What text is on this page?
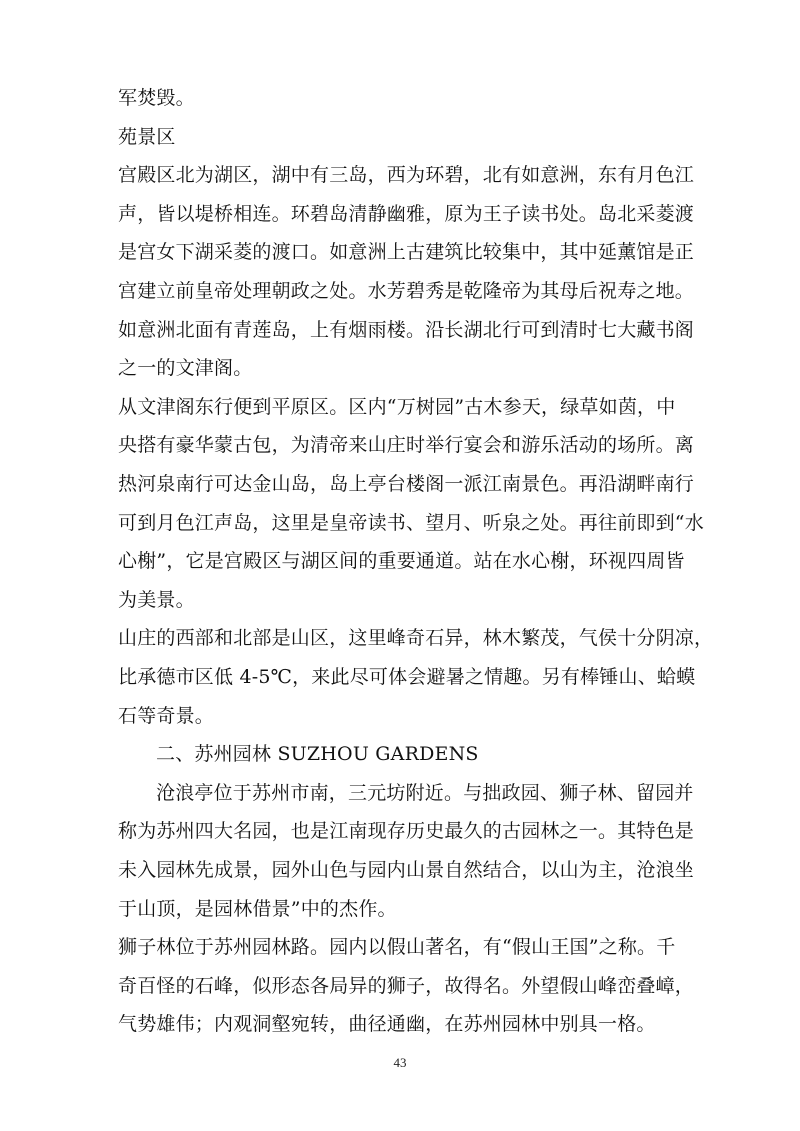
43
军焚毁。
苑景区
宫殿区北为湖区，湖中有三岛，西为环碧，北有如意洲，东有月色江
声，皆以堤桥相连。环碧岛清静幽雅，原为王子读书处。岛北采菱渡
是宫女下湖采菱的渡口。如意洲上古建筑比较集中，其中延薰馆是正
宫建立前皇帝处理朝政之处。水芳碧秀是乾隆帝为其母后祝寿之地。
如意洲北面有青莲岛，上有烟雨楼。沿长湖北行可到清时七大藏书阁
之一的文津阁。
从文津阁东行便到平原区。区内“万树园”古木参天，绿草如茵，中
央搭有豪华蒙古包，为清帝来山庄时举行宴会和游乐活动的场所。离
热河泉南行可达金山岛，岛上亭台楼阁一派江南景色。再沿湖畔南行
可到月色江声岛，这里是皇帝读书、望月、听泉之处。再往前即到“水
心榭”，它是宫殿区与湖区间的重要通道。站在水心榭，环视四周皆
为美景。
山庄的西部和北部是山区，这里峰奇石异，林木繁茂，气侯十分阴凉，
比承德市区低 4-5℃，来此尽可体会避暑之情趣。另有棒锤山、蛤蟆
石等奇景。
二、苏州园林 SUZHOU GARDENS
沧浪亭位于苏州市南，三元坊附近。与拙政园、狮子林、留园并
称为苏州四大名园，也是江南现存历史最久的古园林之一。其特色是
未入园林先成景，园外山色与园内山景自然结合，以山为主，沧浪坐
于山顶，是园林借景”中的杰作。
狮子林位于苏州园林路。园内以假山著名，有“假山王国”之称。千
奇百怪的石峰，似形态各局异的狮子，故得名。外望假山峰峦叠嶂，
气势雄伟；内观洞壑宛转，曲径通幽，在苏州园林中别具一格。
